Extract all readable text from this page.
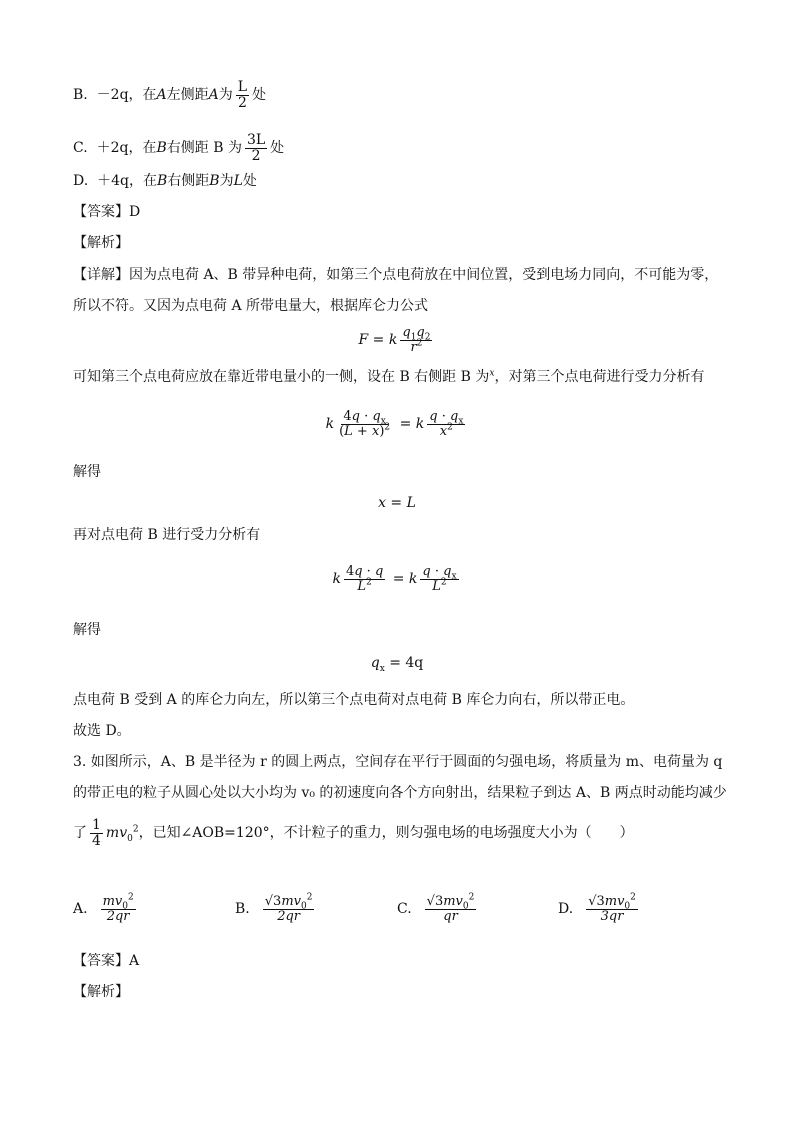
B. －2q，在A左侧距A为 $\frac{L}{2}$ 处
C. ＋2q，在B右侧距 B 为 $\frac{3L}{2}$ 处
D. ＋4q，在B右侧距B为L处
【答案】D
【解析】
【详解】因为点电荷 A、B 带异种电荷，如第三个点电荷放在中间位置，受到电场力同向，不可能为零，
所以不符。又因为点电荷 A 所带电量大，根据库仑力公式
F = k $\frac{q_1q_2}{r^2}$
可知第三个点电荷应放在靠近带电量小的一侧，设在 B 右侧距 B 为$^x$，对第三个点电荷进行受力分析有
k $\frac{4q \cdot q_x}{(L + x)^2} = k \frac{q \cdot q_x}{x^2}$
解得
x = L
再对点电荷 B 进行受力分析有
k $\frac{4q \cdot q}{L^2} = k \frac{q \cdot q_x}{L^2}$
解得
$q_x = 4q$
点电荷 B 受到 A 的库仑力向左，所以第三个点电荷对点电荷 B 库仑力向右，所以带正电。
故选 D。
3. 如图所示，A、B 是半径为 r 的圆上两点，空间存在平行于圆面的匀强电场，将质量为 m、电荷量为 q
的带正电的粒子从圆心处以大小均为 v₀ 的初速度向各个方向射出，结果粒子到达 A、B 两点时动能均减少
了 $\frac{1}{4} mv_0^2$，已知∠AOB=120°，不计粒子的重力，则匀强电场的电场强度大小为（　　）
A. $\frac{mv_0^2}{2qr}$	B. $\frac{√3mv_0^2}{2qr}$	C. $\frac{√3mv_0^2}{qr}$	D. $\frac{√3mv_0^2}{3qr}$
【答案】A
【解析】
